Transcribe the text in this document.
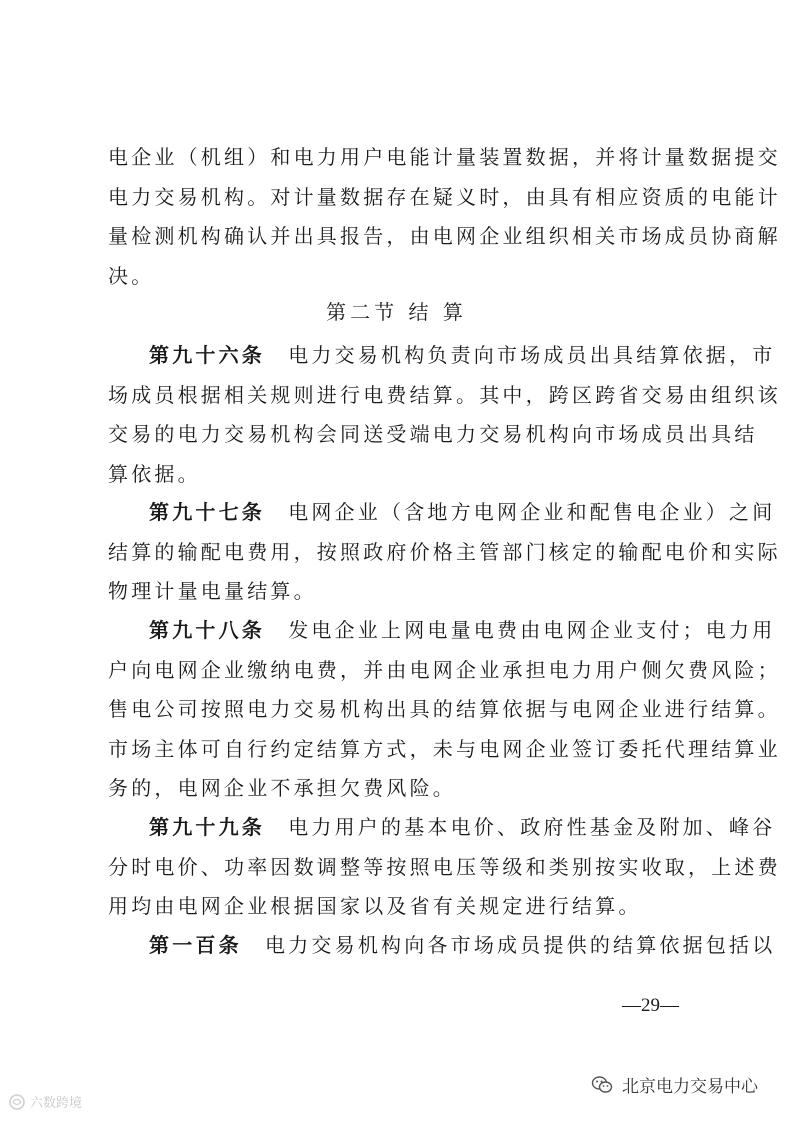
电企业（机组）和电力用户电能计量装置数据，并将计量数据提交
电力交易机构。对计量数据存在疑义时，由具有相应资质的电能计
量检测机构确认并出具报告，由电网企业组织相关市场成员协商解
决。
第二节 结 算
第九十六条　 电力交易机构负责向市场成员出具结算依据，市
场成员根据相关规则进行电费结算。其中，跨区跨省交易由组织该
交易的电力交易机构会同送受端电力交易机构向市场成员出具结
算依据。
第九十七条　 电网企业（含地方电网企业和配售电企业）之间
结算的输配电费用，按照政府价格主管部门核定的输配电价和实际
物理计量电量结算。
第九十八条　 发电企业上网电量电费由电网企业支付；电力用
户向电网企业缴纳电费，并由电网企业承担电力用户侧欠费风险；
售电公司按照电力交易机构出具的结算依据与电网企业进行结算。
市场主体可自行约定结算方式，未与电网企业签订委托代理结算业
务的，电网企业不承担欠费风险。
第九十九条　 电力用户的基本电价、政府性基金及附加、峰谷
分时电价、功率因数调整等按照电压等级和类别按实收取，上述费
用均由电网企业根据国家以及省有关规定进行结算。
第一百条　 电力交易机构向各市场成员提供的结算依据包括以
—29—
北京电力交易中心
六数跨境
